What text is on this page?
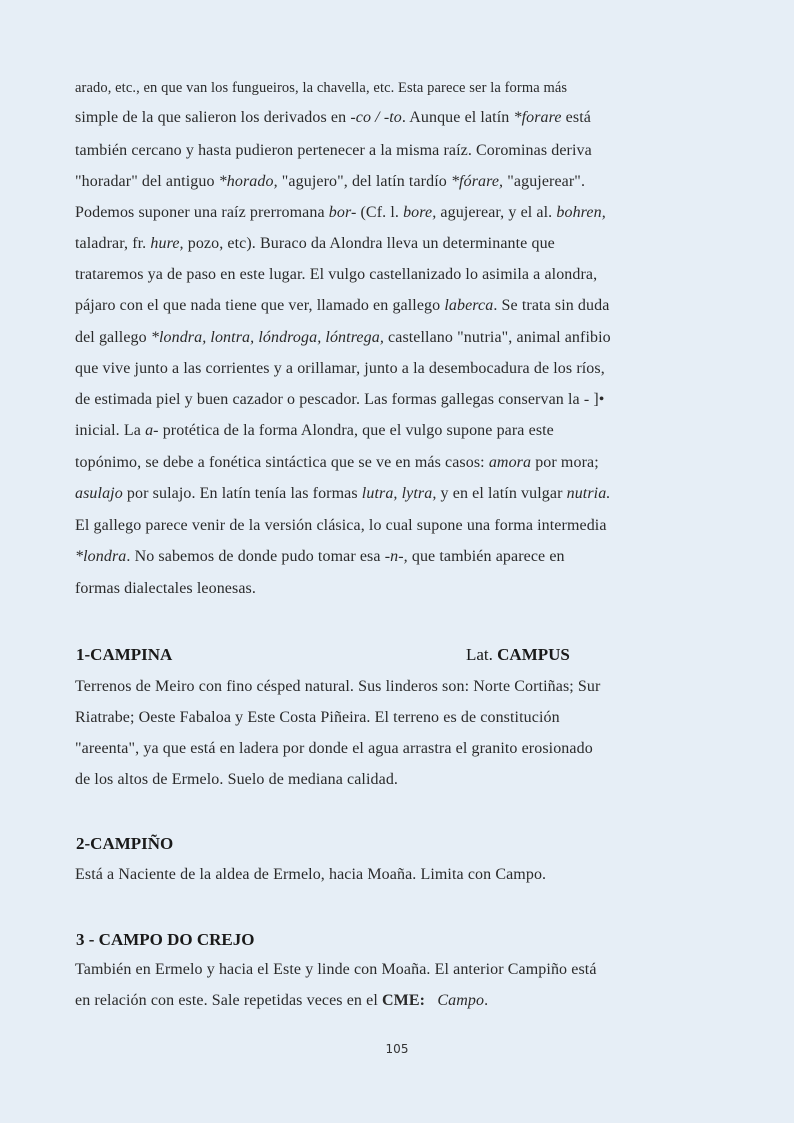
arado, etc., en que van los fungueiros, la chavella, etc. Esta parece ser la forma más
simple de la que salieron los derivados en -co / -to. Aunque el latín *forare está
también cercano y hasta pudieron pertenecer a la misma raíz. Corominas deriva
"horadar" del antiguo *horado, "agujero", del latín tardío *fórare, "agujerear".
Podemos suponer una raíz prerromana bor- (Cf. l. bore, agujerear, y el al. bohren,
taladrar, fr. hure, pozo, etc). Buraco da Alondra lleva un determinante que
trataremos ya de paso en este lugar. El vulgo castellanizado lo asimila a alondra,
pájaro con el que nada tiene que ver, llamado en gallego laberca. Se trata sin duda
del gallego *londra, lontra, lóndroga, lóntrega, castellano "nutria", animal anfibio
que vive junto a las corrientes y a orillamar, junto a la desembocadura de los ríos,
de estimada piel y buen cazador o pescador. Las formas gallegas conservan la - ]•
inicial. La a- protética de la forma Alondra, que el vulgo supone para este
topónimo, se debe a fonética sintáctica que se ve en más casos: amora por mora;
asulajo por sulajo. En latín tenía las formas lutra, lytra, y en el latín vulgar nutria.
El gallego parece venir de la versión clásica, lo cual supone una forma intermedia
*londra. No sabemos de donde pudo tomar esa -n-, que también aparece en
formas dialectales leonesas.
1-CAMPINA	Lat. CAMPUS
Terrenos de Meiro con fino césped natural. Sus linderos son: Norte Cortiñas; Sur
Riatrabe; Oeste Fabaloa y Este Costa Piñeira. El terreno es de constitución
"areenta", ya que está en ladera por donde el agua arrastra el granito erosionado
de los altos de Ermelo. Suelo de mediana calidad.
2-CAMPIÑO
Está a Naciente de la aldea de Ermelo, hacia Moaña. Limita con Campo.
3 - CAMPO DO CREJO
También en Ermelo y hacia el Este y linde con Moaña. El anterior Campiño está
en relación con este. Sale repetidas veces en el CME: Campo.
105
